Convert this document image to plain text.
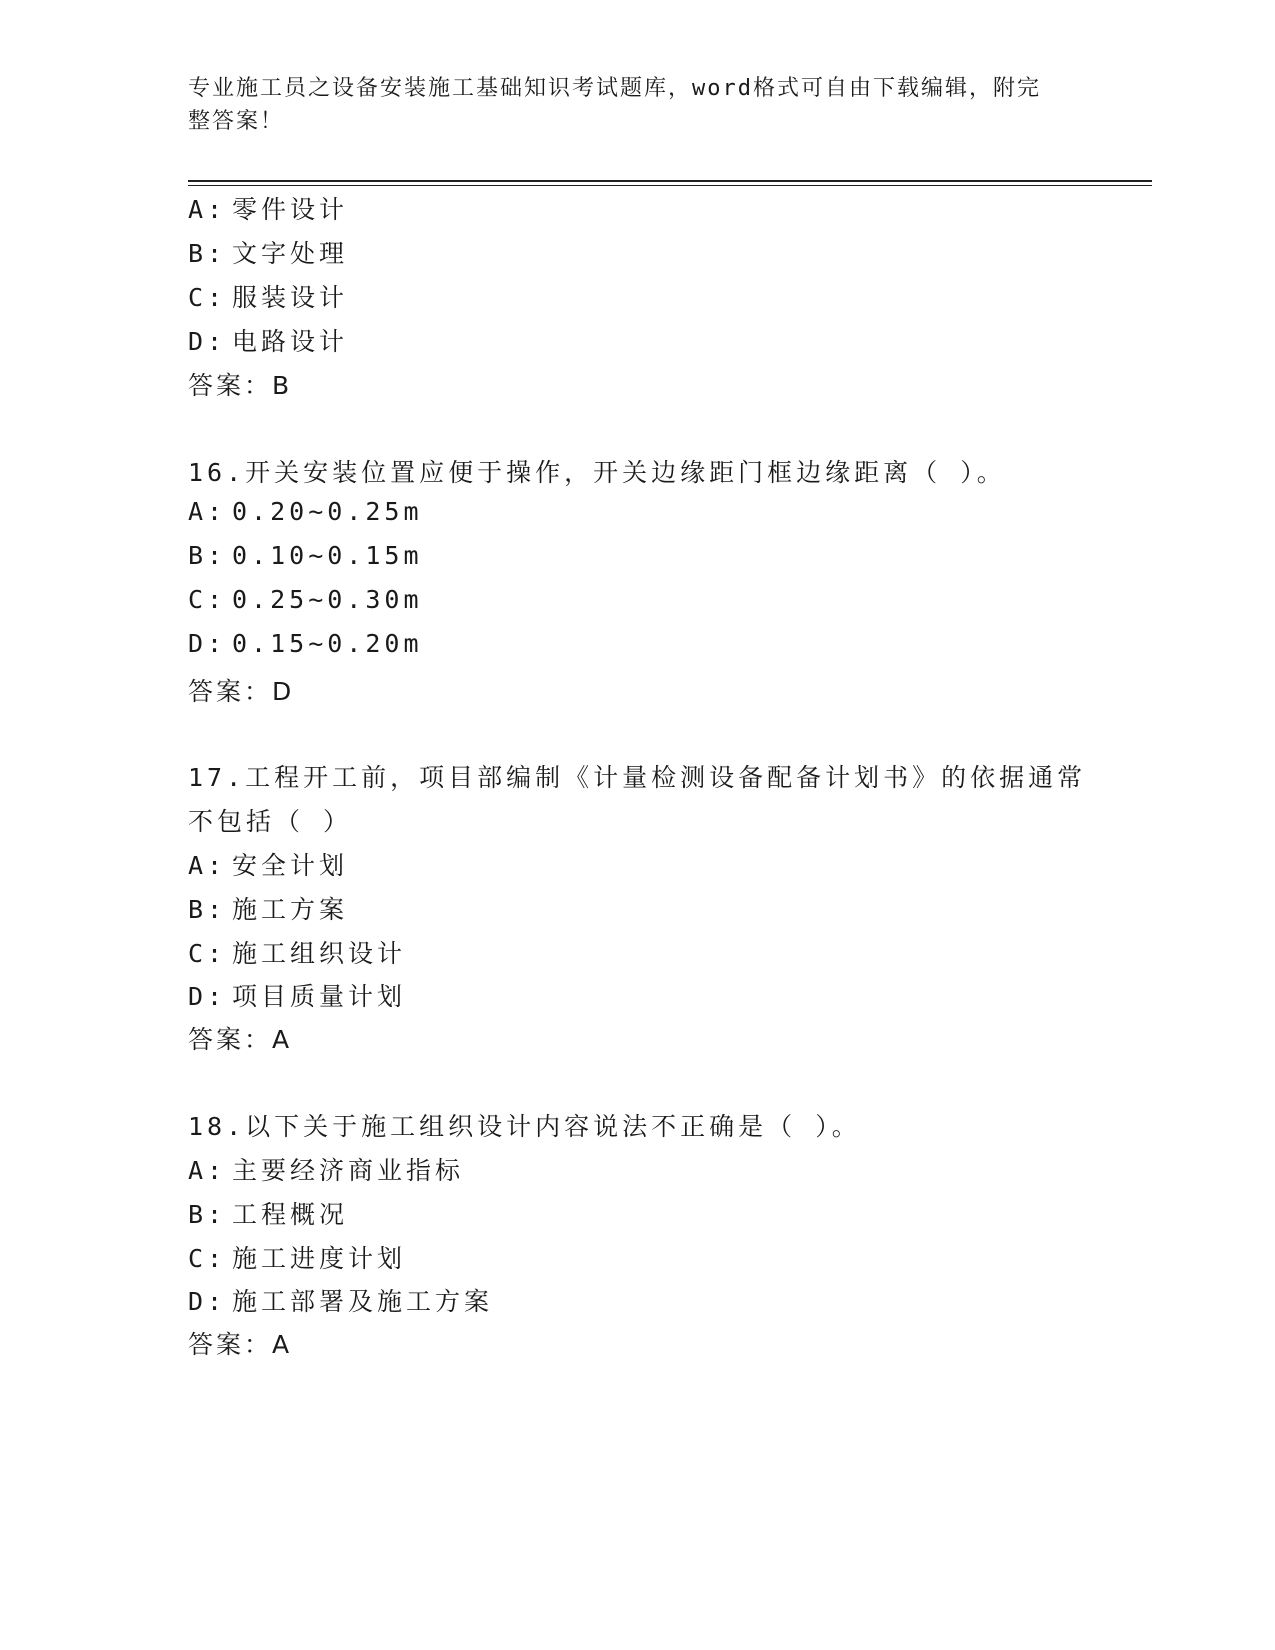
专业施工员之设备安装施工基础知识考试题库，word格式可自由下载编辑，附完
整答案！
A: 零件设计
B: 文字处理
C: 服装设计
D: 电路设计
答案：B
16.开关安装位置应便于操作，开关边缘距门框边缘距离（ ）。
A: 0.20~0.25m
B: 0.10~0.15m
C: 0.25~0.30m
D: 0.15~0.20m
答案：D
17.工程开工前，项目部编制《计量检测设备配备计划书》的依据通常
不包括（ ）
A: 安全计划
B: 施工方案
C: 施工组织设计
D: 项目质量计划
答案：A
18.以下关于施工组织设计内容说法不正确是（ ）。
A: 主要经济商业指标
B: 工程概况
C: 施工进度计划
D: 施工部署及施工方案
答案：A
